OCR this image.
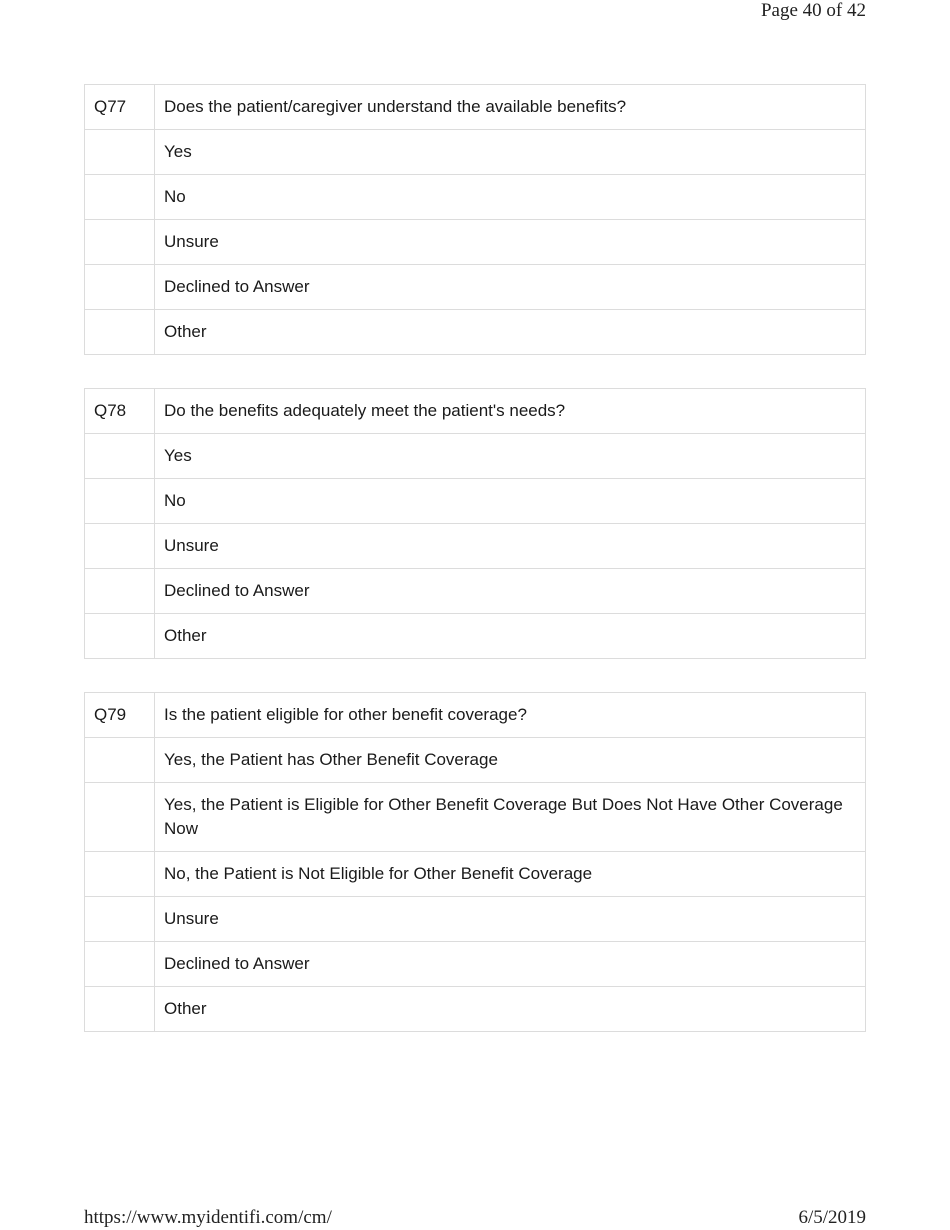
Page 40 of 42
Q77	Does the patient/caregiver understand the available benefits?
	Yes
	No
	Unsure
	Declined to Answer
	Other
Q78	Do the benefits adequately meet the patient's needs?
	Yes
	No
	Unsure
	Declined to Answer
	Other
Q79	Is the patient eligible for other benefit coverage?
	Yes, the Patient has Other Benefit Coverage
	Yes, the Patient is Eligible for Other Benefit Coverage But Does Not Have Other Coverage Now
	No, the Patient is Not Eligible for Other Benefit Coverage
	Unsure
	Declined to Answer
	Other
https://www.myidentifi.com/cm/	6/5/2019
